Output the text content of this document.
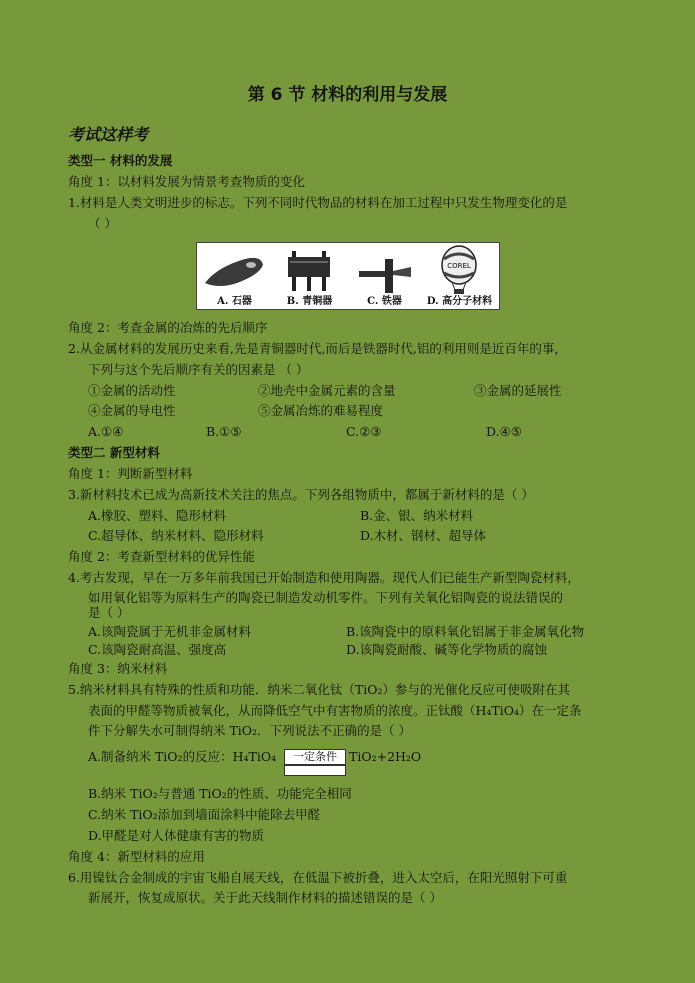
第 6 节 材料的利用与发展
考试这样考
类型一 材料的发展
角度 1：以材料发展为情景考查物质的变化
1.材料是人类文明进步的标志。下列不同时代物品的材料在加工过程中只发生物理变化的是
（ ）
A. 石器	B. 青铜器	C. 铁器
COREL
D. 高分子材料
角度 2：考查金属的冶炼的先后顺序
2.从金属材料的发展历史来看,先是青铜器时代,而后是铁器时代,铝的利用则是近百年的事，
下列与这个先后顺序有关的因素是 （ ）
①金属的活动性	②地壳中金属元素的含量	③金属的延展性
④金属的导电性	⑤金属冶炼的难易程度
A.①④	B.①⑤	C.②③	D.④⑤
类型二 新型材料
角度 1：判断新型材料
3.新材料技术已成为高新技术关注的焦点。下列各组物质中，都属于新材料的是（ ）
A.橡胶、塑料、隐形材料	B.金、银、纳米材料
C.超导体、纳米材料、隐形材料	D.木材、钢材、超导体
角度 2：考查新型材料的优异性能
4.考古发现，早在一万多年前我国已开始制造和使用陶器。现代人们已能生产新型陶瓷材料，
如用氧化铝等为原料生产的陶瓷已制造发动机零件。下列有关氧化铝陶瓷的说法错误的
是（ ）
A.该陶瓷属于无机非金属材料	B.该陶瓷中的原料氧化铝属于非金属氧化物
C.该陶瓷耐高温、强度高	D.该陶瓷耐酸、碱等化学物质的腐蚀
角度 3：纳米材料
5.纳米材料具有特殊的性质和功能．纳米二氧化钛（TiO₂）参与的光催化反应可使吸附在其
表面的甲醛等物质被氧化，从而降低空气中有害物质的浓度。正钛酸（H₄TiO₄）在一定条
件下分解失水可制得纳米 TiO₂．下列说法不正确的是（ ）
A.制备纳米 TiO₂的反应：H₄TiO₄	一定条件 TiO₂+2H₂O
B.纳米 TiO₂与普通 TiO₂的性质、功能完全相同
C.纳米 TiO₂添加到墙面涂料中能除去甲醛
D.甲醛是对人体健康有害的物质
角度 4：新型材料的应用
6.用镍钛合金制成的宇宙飞船自展天线，在低温下被折叠，进入太空后，在阳光照射下可重
新展开，恢复成原状。关于此天线制作材料的描述错误的是（ ）
